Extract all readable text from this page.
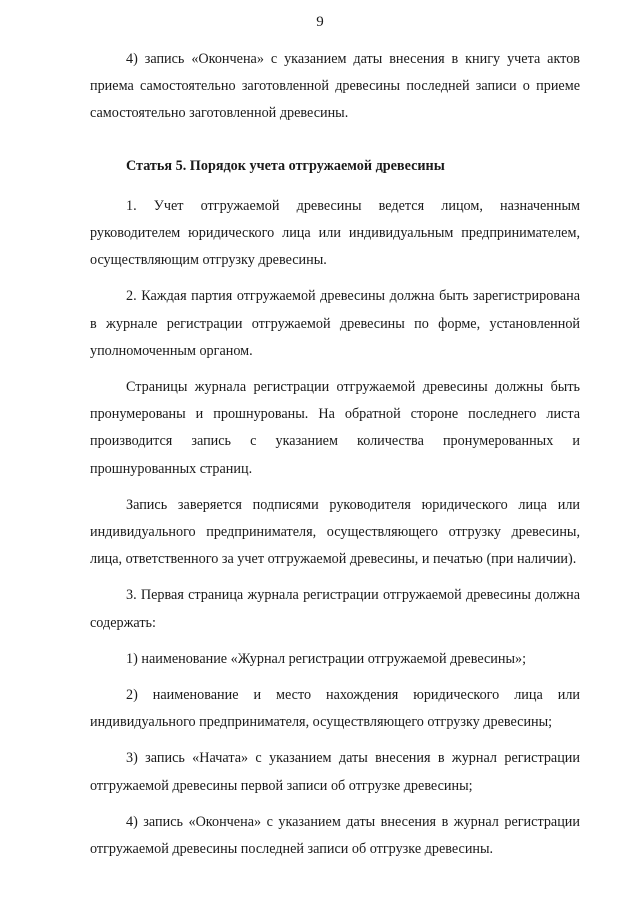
9

4) запись «Окончена» с указанием даты внесения в книгу учета актов приема самостоятельно заготовленной древесины последней записи о приеме самостоятельно заготовленной древесины.

Статья 5. Порядок учета отгружаемой древесины

1. Учет отгружаемой древесины ведется лицом, назначенным руководителем юридического лица или индивидуальным предпринимателем, осуществляющим отгрузку древесины.

2. Каждая партия отгружаемой древесины должна быть зарегистрирована в журнале регистрации отгружаемой древесины по форме, установленной уполномоченным органом.

Страницы журнала регистрации отгружаемой древесины должны быть пронумерованы и прошнурованы. На обратной стороне последнего листа производится запись с указанием количества пронумерованных и прошнурованных страниц.

Запись заверяется подписями руководителя юридического лица или индивидуального предпринимателя, осуществляющего отгрузку древесины, лица, ответственного за учет отгружаемой древесины, и печатью (при наличии).

3. Первая страница журнала регистрации отгружаемой древесины должна содержать:

1) наименование «Журнал регистрации отгружаемой древесины»;

2) наименование и место нахождения юридического лица или индивидуального предпринимателя, осуществляющего отгрузку древесины;

3) запись «Начата» с указанием даты внесения в журнал регистрации отгружаемой древесины первой записи об отгрузке древесины;

4) запись «Окончена» с указанием даты внесения в журнал регистрации отгружаемой древесины последней записи об отгрузке древесины.
